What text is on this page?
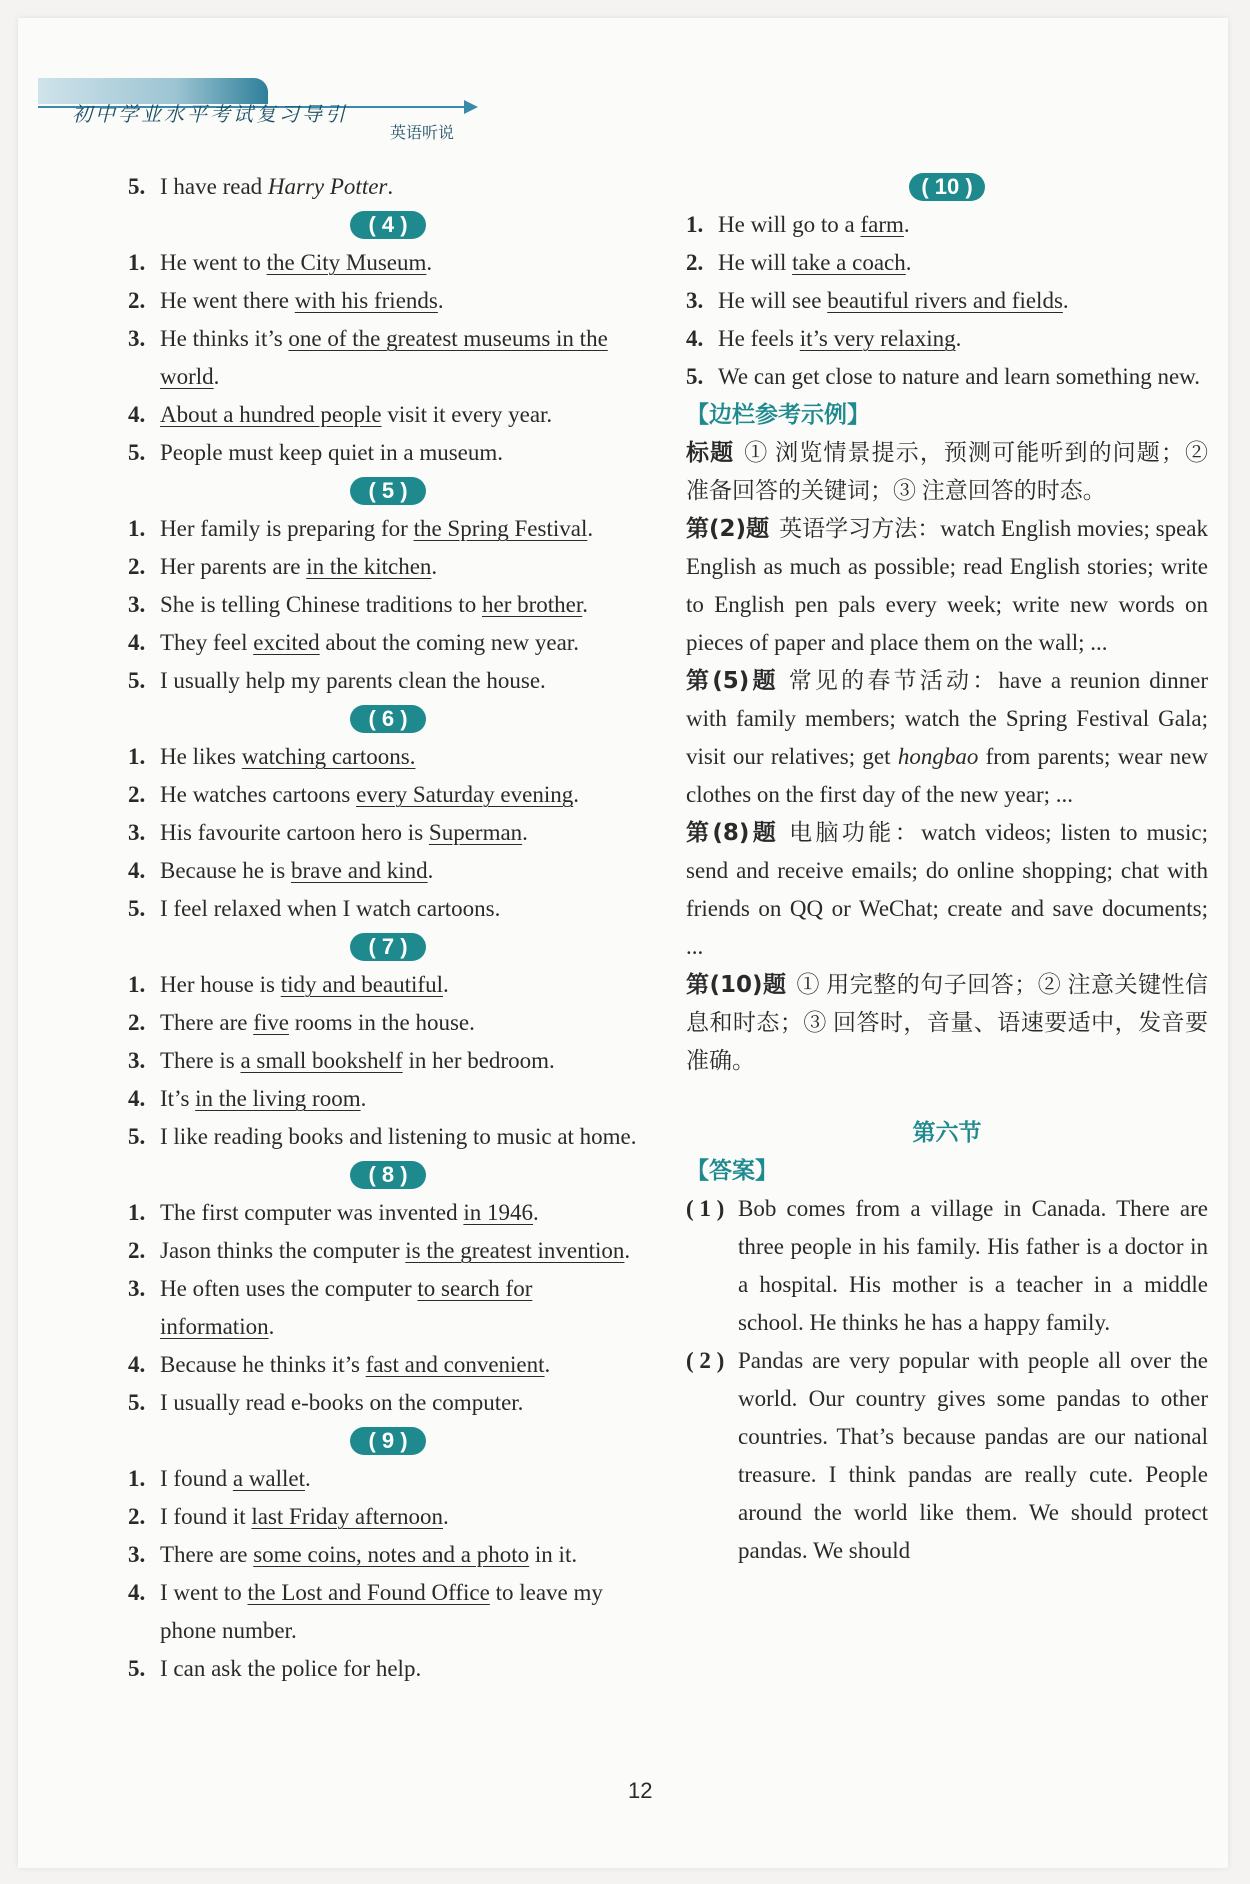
初中学业水平考试复习导引
英语听说
5. I have read Harry Potter.
( 4 )
1. He went to the City Museum.
2. He went there with his friends.
3. He thinks it’s one of the greatest museums in the world.
4. About a hundred people visit it every year.
5. People must keep quiet in a museum.
( 5 )
1. Her family is preparing for the Spring Festival.
2. Her parents are in the kitchen.
3. She is telling Chinese traditions to her brother.
4. They feel excited about the coming new year.
5. I usually help my parents clean the house.
( 6 )
1. He likes watching cartoons.
2. He watches cartoons every Saturday evening.
3. His favourite cartoon hero is Superman.
4. Because he is brave and kind.
5. I feel relaxed when I watch cartoons.
( 7 )
1. Her house is tidy and beautiful.
2. There are five rooms in the house.
3. There is a small bookshelf in her bedroom.
4. It’s in the living room.
5. I like reading books and listening to music at home.
( 8 )
1. The first computer was invented in 1946.
2. Jason thinks the computer is the greatest invention.
3. He often uses the computer to search for information.
4. Because he thinks it’s fast and convenient.
5. I usually read e-books on the computer.
( 9 )
1. I found a wallet.
2. I found it last Friday afternoon.
3. There are some coins, notes and a photo in it.
4. I went to the Lost and Found Office to leave my phone number.
5. I can ask the police for help.
( 10 )
1. He will go to a farm.
2. He will take a coach.
3. He will see beautiful rivers and fields.
4. He feels it’s very relaxing.
5. We can get close to nature and learn something new.
【边栏参考示例】
标题 ① 浏览情景提示，预测可能听到的问题；② 准备回答的关键词；③ 注意回答的时态。
第(2)题 英语学习方法：watch English movies; speak English as much as possible; read English stories; write to English pen pals every week; write new words on pieces of paper and place them on the wall; ...
第(5)题 常见的春节活动：have a reunion dinner with family members; watch the Spring Festival Gala; visit our relatives; get hongbao from parents; wear new clothes on the first day of the new year; ...
第(8)题 电脑功能：watch videos; listen to music; send and receive emails; do online shopping; chat with friends on QQ or WeChat; create and save documents; ...
第(10)题 ① 用完整的句子回答；② 注意关键性信息和时态；③ 回答时，音量、语速要适中，发音要准确。
第六节
【答案】
( 1 ) Bob comes from a village in Canada. There are three people in his family. His father is a doctor in a hospital. His mother is a teacher in a middle school. He thinks he has a happy family.
( 2 ) Pandas are very popular with people all over the world. Our country gives some pandas to other countries. That’s because pandas are our national treasure. I think pandas are really cute. People around the world like them. We should protect pandas. We should
12
